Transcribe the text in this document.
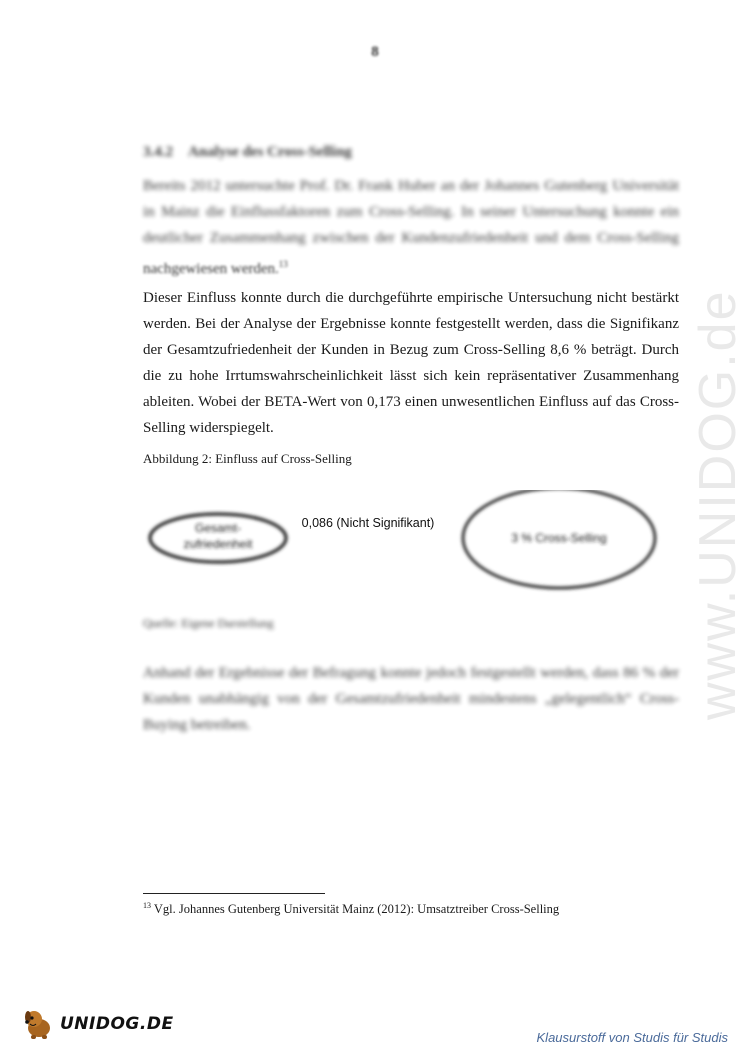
www.UNIDOG.de
8
3.4.2 Analyse des Cross-Selling
Bereits 2012 untersuchte Prof. Dr. Frank Huber an der Johannes Gutenberg Universität in Mainz die Einflussfaktoren zum Cross-Selling. In seiner Untersuchung konnte ein deutlicher Zusammenhang zwischen der Kundenzufriedenheit und dem Cross-Selling nachgewiesen werden.$^{13}$
Dieser Einfluss konnte durch die durchgeführte empirische Untersuchung nicht bestärkt werden. Bei der Analyse der Ergebnisse konnte festgestellt werden, dass die Signifikanz der Gesamtzufriedenheit der Kunden in Bezug zum Cross-Selling 8,6 % beträgt. Durch die zu hohe Irrtumswahrscheinlichkeit lässt sich kein repräsentativer Zusammenhang ableiten. Wobei der BETA-Wert von 0,173 einen unwesentlichen Einfluss auf das Cross-Selling widerspiegelt.
Abbildung 2: Einfluss auf Cross-Selling
Gesamt-
zufriedenheit
0,086 (Nicht Signifikant)
3 % Cross-Selling
Quelle: Eigene Darstellung
Anhand der Ergebnisse der Befragung konnte jedoch festgestellt werden, dass 86 % der Kunden unabhängig von der Gesamtzufriedenheit mindestens „gelegentlich“ Cross-Buying betreiben.
$^{13}$ Vgl. Johannes Gutenberg Universität Mainz (2012): Umsatztreiber Cross-Selling
UNIDOG.DE
Klausurstoff von Studis für Studis
